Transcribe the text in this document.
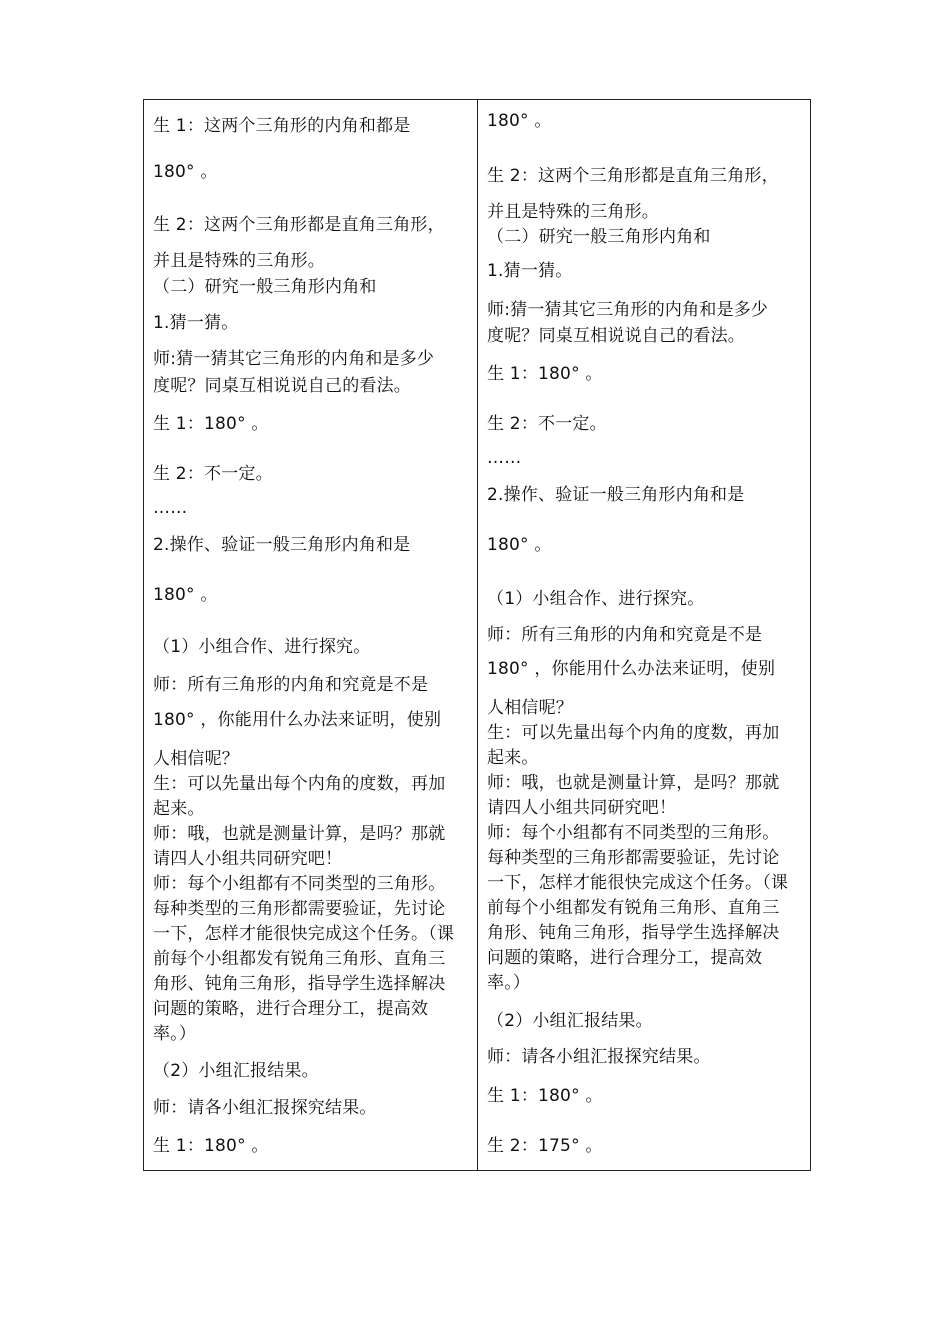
生 1：这两个三角形的内角和都是
180° 。
生 2：这两个三角形都是直角三角形，
并且是特殊的三角形。
（二）研究一般三角形内角和
1.猜一猜。
师:猜一猜其它三角形的内角和是多少
度呢？同桌互相说说自己的看法。
生 1：180° 。
生 2：不一定。
……
2.操作、验证一般三角形内角和是
180° 。
（1）小组合作、进行探究。
师：所有三角形的内角和究竟是不是
180° ，你能用什么办法来证明，使别
人相信呢？
生：可以先量出每个内角的度数，再加
起来。
师：哦，也就是测量计算，是吗？那就
请四人小组共同研究吧！
师：每个小组都有不同类型的三角形。
每种类型的三角形都需要验证，先讨论
一下，怎样才能很快完成这个任务。（课
前每个小组都发有锐角三角形、直角三
角形、钝角三角形，指导学生选择解决
问题的策略，进行合理分工，提高效
率。）
（2）小组汇报结果。
师：请各小组汇报探究结果。
生 1：180° 。
180° 。
生 2：这两个三角形都是直角三角形，
并且是特殊的三角形。
（二）研究一般三角形内角和
1.猜一猜。
师:猜一猜其它三角形的内角和是多少
度呢？同桌互相说说自己的看法。
生 1：180° 。
生 2：不一定。
……
2.操作、验证一般三角形内角和是
180° 。
（1）小组合作、进行探究。
师：所有三角形的内角和究竟是不是
180° ，你能用什么办法来证明，使别
人相信呢？
生：可以先量出每个内角的度数，再加
起来。
师：哦，也就是测量计算，是吗？那就
请四人小组共同研究吧！
师：每个小组都有不同类型的三角形。
每种类型的三角形都需要验证，先讨论
一下，怎样才能很快完成这个任务。（课
前每个小组都发有锐角三角形、直角三
角形、钝角三角形，指导学生选择解决
问题的策略，进行合理分工，提高效
率。）
（2）小组汇报结果。
师：请各小组汇报探究结果。
生 1：180° 。
生 2：175° 。
